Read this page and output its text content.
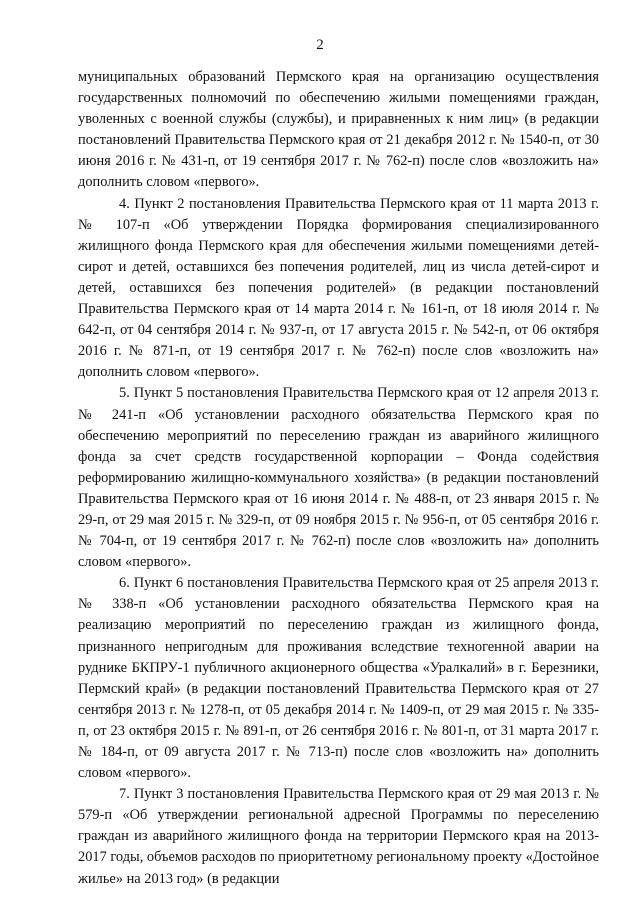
2

муниципальных образований Пермского края на организацию осуществления государственных полномочий по обеспечению жилыми помещениями граждан, уволенных с военной службы (службы), и приравненных к ним лиц» (в редакции постановлений Правительства Пермского края от 21 декабря 2012 г. № 1540-п, от 30 июня 2016 г. № 431-п, от 19 сентября 2017 г. № 762-п) после слов «возложить на» дополнить словом «первого».

4. Пункт 2 постановления Правительства Пермского края от 11 марта 2013 г. № 107-п «Об утверждении Порядка формирования специализированного жилищного фонда Пермского края для обеспечения жилыми помещениями детей-сирот и детей, оставшихся без попечения родителей, лиц из числа детей-сирот и детей, оставшихся без попечения родителей» (в редакции постановлений Правительства Пермского края от 14 марта 2014 г. № 161-п, от 18 июля 2014 г. № 642-п, от 04 сентября 2014 г. № 937-п, от 17 августа 2015 г. № 542-п, от 06 октября 2016 г. № 871-п, от 19 сентября 2017 г. № 762-п) после слов «возложить на» дополнить словом «первого».

5. Пункт 5 постановления Правительства Пермского края от 12 апреля 2013 г. № 241-п «Об установлении расходного обязательства Пермского края по обеспечению мероприятий по переселению граждан из аварийного жилищного фонда за счет средств государственной корпорации – Фонда содействия реформированию жилищно-коммунального хозяйства» (в редакции постановлений Правительства Пермского края от 16 июня 2014 г. № 488-п, от 23 января 2015 г. № 29-п, от 29 мая 2015 г. № 329-п, от 09 ноября 2015 г. № 956-п, от 05 сентября 2016 г. № 704-п, от 19 сентября 2017 г. № 762-п) после слов «возложить на» дополнить словом «первого».

6. Пункт 6 постановления Правительства Пермского края от 25 апреля 2013 г. № 338-п «Об установлении расходного обязательства Пермского края на реализацию мероприятий по переселению граждан из жилищного фонда, признанного непригодным для проживания вследствие техногенной аварии на руднике БКПРУ-1 публичного акционерного общества «Уралкалий» в г. Березники, Пермский край» (в редакции постановлений Правительства Пермского края от 27 сентября 2013 г. № 1278-п, от 05 декабря 2014 г. № 1409-п, от 29 мая 2015 г. № 335-п, от 23 октября 2015 г. № 891-п, от 26 сентября 2016 г. № 801-п, от 31 марта 2017 г. № 184-п, от 09 августа 2017 г. № 713-п) после слов «возложить на» дополнить словом «первого».

7. Пункт 3 постановления Правительства Пермского края от 29 мая 2013 г. № 579-п «Об утверждении региональной адресной Программы по переселению граждан из аварийного жилищного фонда на территории Пермского края на 2013-2017 годы, объемов расходов по приоритетному региональному проекту «Достойное жилье» на 2013 год» (в редакции
